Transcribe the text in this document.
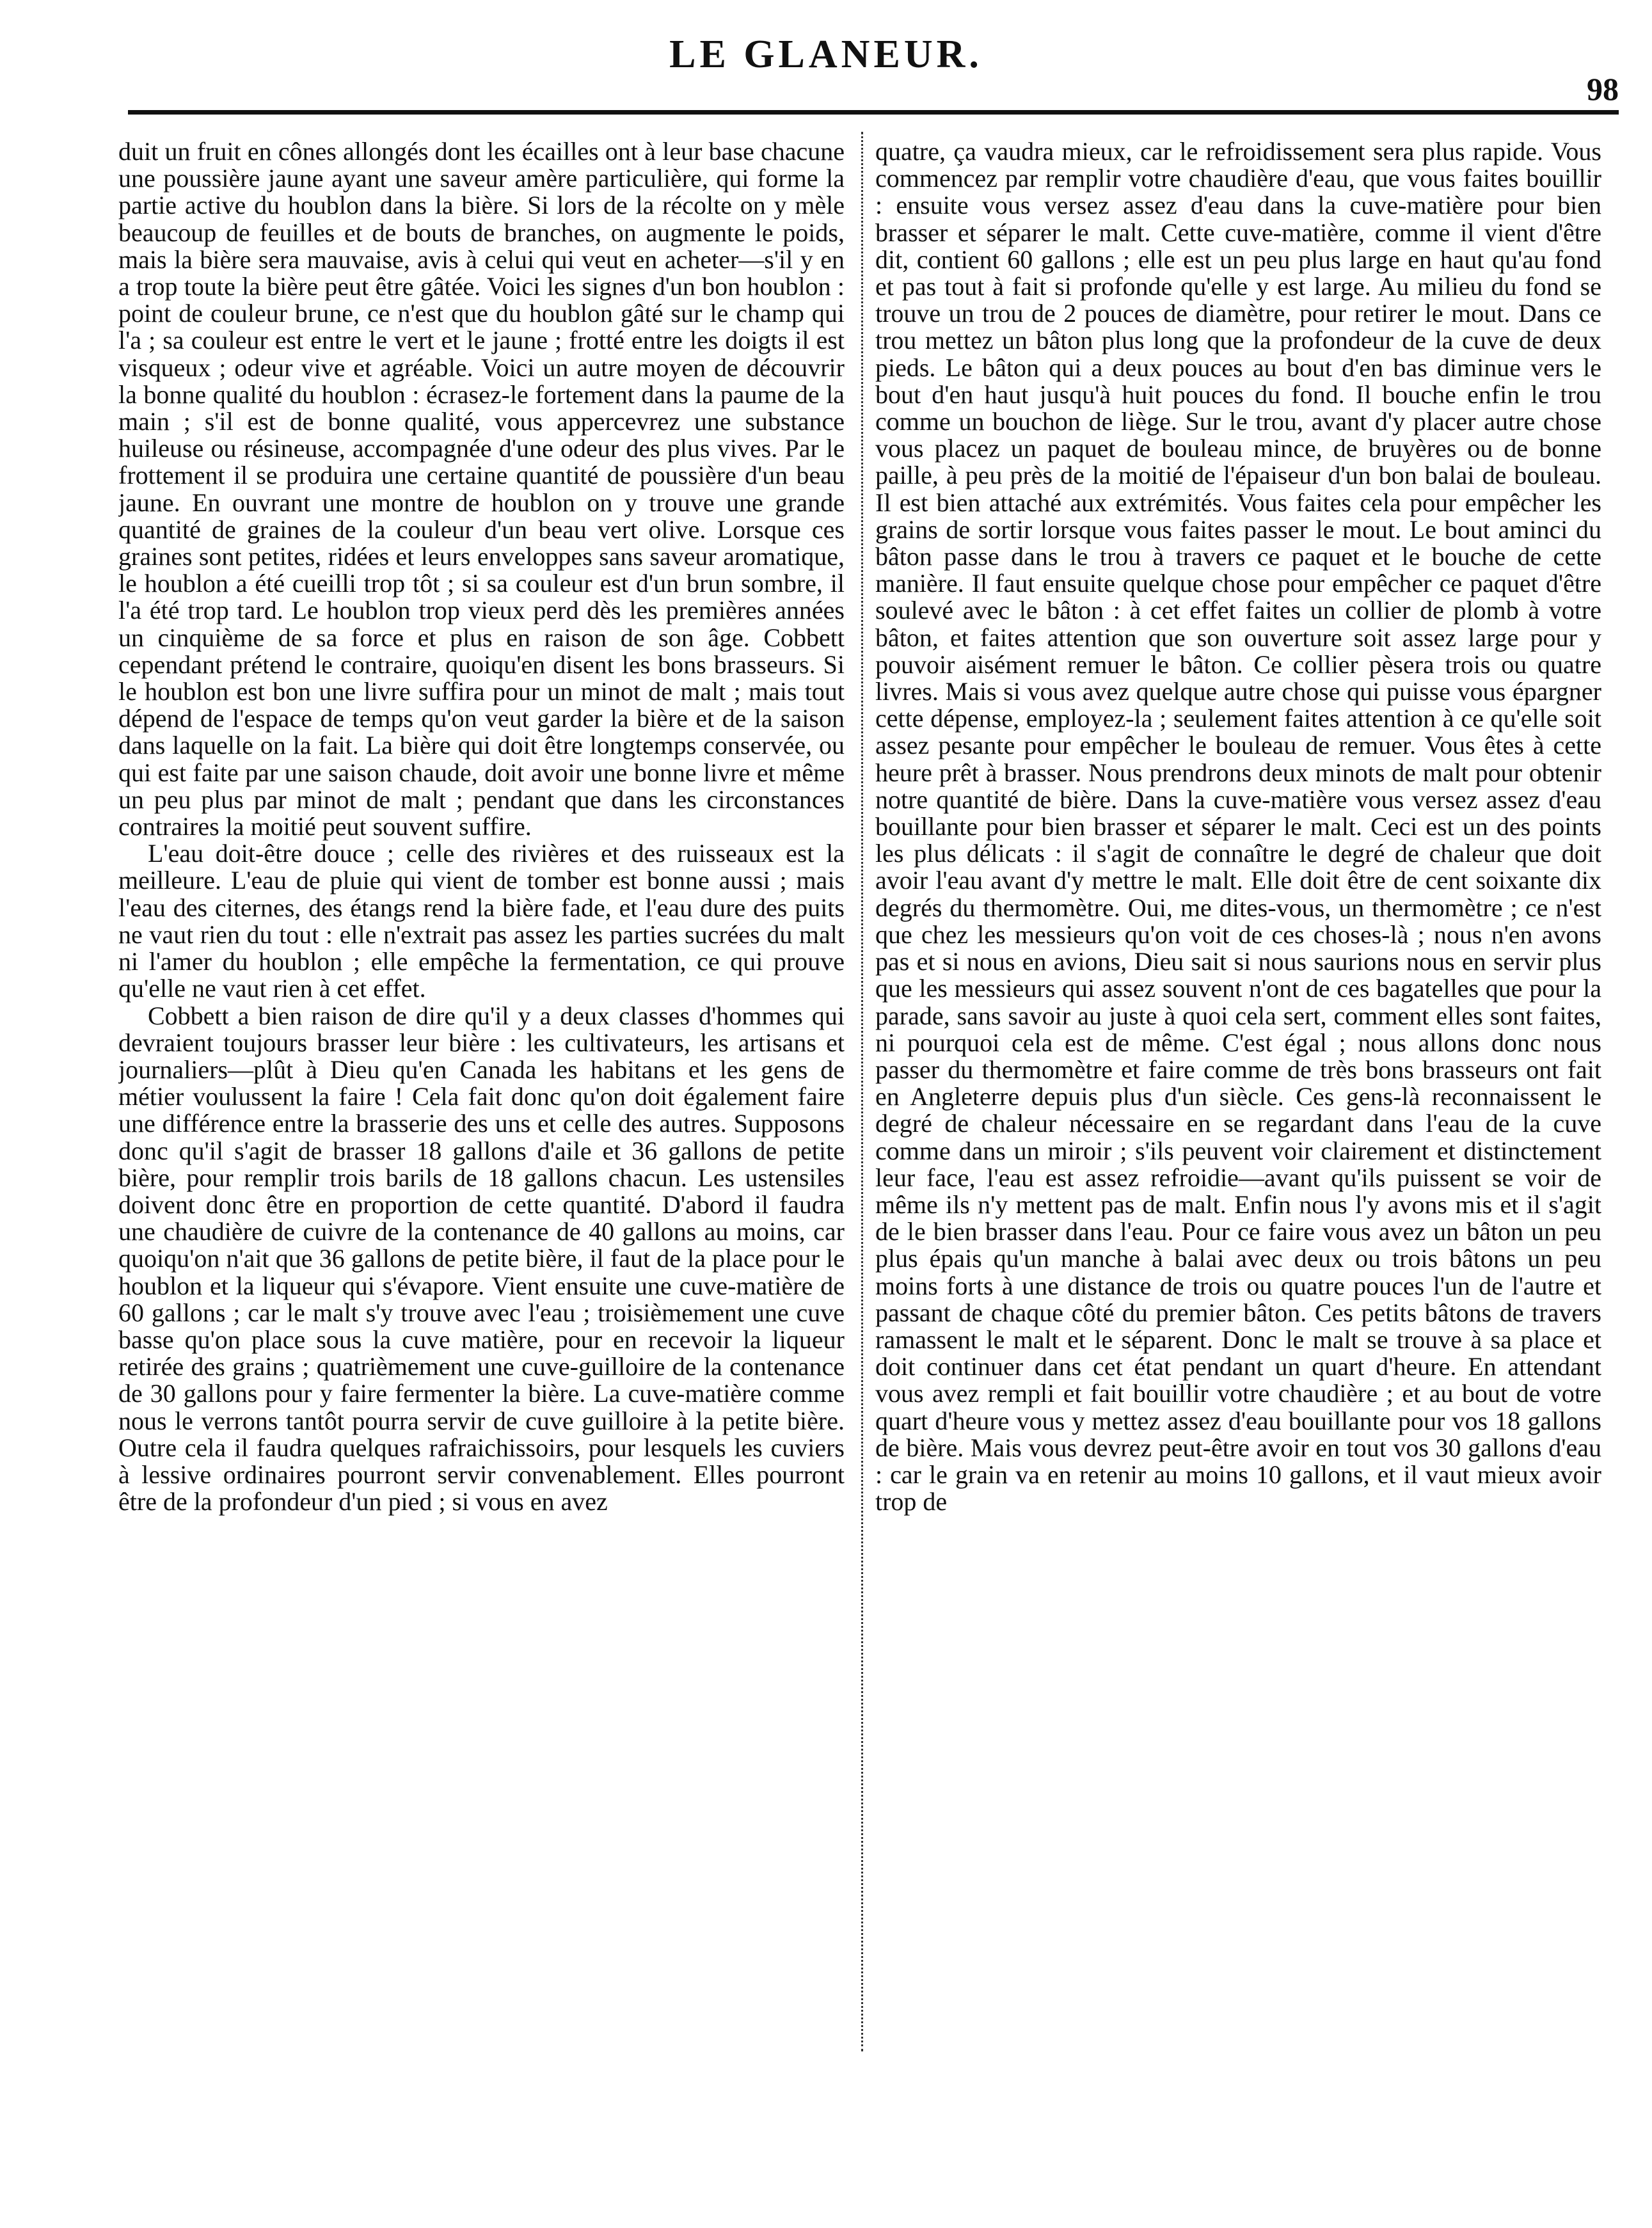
LE GLANEUR.
98

duit un fruit en cônes allongés dont les écailles ont à leur base chacune une poussière jaune ayant une saveur amère particulière, qui forme la partie active du houblon dans la bière. Si lors de la récolte on y mèle beaucoup de feuilles et de bouts de branches, on augmente le poids, mais la bière sera mauvaise, avis à celui qui veut en acheter—s'il y en a trop toute la bière peut être gâtée. Voici les signes d'un bon houblon : point de couleur brune, ce n'est que du houblon gâté sur le champ qui l'a ; sa couleur est entre le vert et le jaune ; frotté entre les doigts il est visqueux ; odeur vive et agréable. Voici un autre moyen de découvrir la bonne qualité du houblon : écrasez-le fortement dans la paume de la main ; s'il est de bonne qualité, vous appercevrez une substance huileuse ou résineuse, accompagnée d'une odeur des plus vives. Par le frottement il se produira une certaine quantité de poussière d'un beau jaune. En ouvrant une montre de houblon on y trouve une grande quantité de graines de la couleur d'un beau vert olive. Lorsque ces graines sont petites, ridées et leurs enveloppes sans saveur aromatique, le houblon a été cueilli trop tôt ; si sa couleur est d'un brun sombre, il l'a été trop tard. Le houblon trop vieux perd dès les premières années un cinquième de sa force et plus en raison de son âge. Cobbett cependant prétend le contraire, quoiqu'en disent les bons brasseurs. Si le houblon est bon une livre suffira pour un minot de malt ; mais tout dépend de l'espace de temps qu'on veut garder la bière et de la saison dans laquelle on la fait. La bière qui doit être longtemps conservée, ou qui est faite par une saison chaude, doit avoir une bonne livre et même un peu plus par minot de malt ; pendant que dans les circonstances contraires la moitié peut souvent suffire.

L'eau doit-être douce ; celle des rivières et des ruisseaux est la meilleure. L'eau de pluie qui vient de tomber est bonne aussi ; mais l'eau des citernes, des étangs rend la bière fade, et l'eau dure des puits ne vaut rien du tout : elle n'extrait pas assez les parties sucrées du malt ni l'amer du houblon ; elle empêche la fermentation, ce qui prouve qu'elle ne vaut rien à cet effet.

Cobbett a bien raison de dire qu'il y a deux classes d'hommes qui devraient toujours brasser leur bière : les cultivateurs, les artisans et journaliers—plût à Dieu qu'en Canada les habitans et les gens de métier voulussent la faire ! Cela fait donc qu'on doit également faire une différence entre la brasserie des uns et celle des autres. Supposons donc qu'il s'agit de brasser 18 gallons d'aile et 36 gallons de petite bière, pour remplir trois barils de 18 gallons chacun. Les ustensiles doivent donc être en proportion de cette quantité. D'abord il faudra une chaudière de cuivre de la contenance de 40 gallons au moins, car quoiqu'on n'ait que 36 gallons de petite bière, il faut de la place pour le houblon et la liqueur qui s'évapore. Vient ensuite une cuve-matière de 60 gallons ; car le malt s'y trouve avec l'eau ; troisièmement une cuve basse qu'on place sous la cuve matière, pour en recevoir la liqueur retirée des grains ; quatrièmement une cuve-guilloire de la contenance de 30 gallons pour y faire fermenter la bière. La cuve-matière comme nous le verrons tantôt pourra servir de cuve guilloire à la petite bière. Outre cela il faudra quelques rafraichissoirs, pour lesquels les cuviers à lessive ordinaires pourront servir convenablement. Elles pourront être de la profondeur d'un pied ; si vous en avez

quatre, ça vaudra mieux, car le refroidissement sera plus rapide. Vous commencez par remplir votre chaudière d'eau, que vous faites bouillir : ensuite vous versez assez d'eau dans la cuve-matière pour bien brasser et séparer le malt. Cette cuve-matière, comme il vient d'être dit, contient 60 gallons ; elle est un peu plus large en haut qu'au fond et pas tout à fait si profonde qu'elle y est large. Au milieu du fond se trouve un trou de 2 pouces de diamètre, pour retirer le mout. Dans ce trou mettez un bâton plus long que la profondeur de la cuve de deux pieds. Le bâton qui a deux pouces au bout d'en bas diminue vers le bout d'en haut jusqu'à huit pouces du fond. Il bouche enfin le trou comme un bouchon de liège. Sur le trou, avant d'y placer autre chose vous placez un paquet de bouleau mince, de bruyères ou de bonne paille, à peu près de la moitié de l'épaiseur d'un bon balai de bouleau. Il est bien attaché aux extrémités. Vous faites cela pour empêcher les grains de sortir lorsque vous faites passer le mout. Le bout aminci du bâton passe dans le trou à travers ce paquet et le bouche de cette manière. Il faut ensuite quelque chose pour empêcher ce paquet d'être soulevé avec le bâton : à cet effet faites un collier de plomb à votre bâton, et faites attention que son ouverture soit assez large pour y pouvoir aisément remuer le bâton. Ce collier pèsera trois ou quatre livres. Mais si vous avez quelque autre chose qui puisse vous épargner cette dépense, employez-la ; seulement faites attention à ce qu'elle soit assez pesante pour empêcher le bouleau de remuer. Vous êtes à cette heure prêt à brasser. Nous prendrons deux minots de malt pour obtenir notre quantité de bière. Dans la cuve-matière vous versez assez d'eau bouillante pour bien brasser et séparer le malt. Ceci est un des points les plus délicats : il s'agit de connaître le degré de chaleur que doit avoir l'eau avant d'y mettre le malt. Elle doit être de cent soixante dix degrés du thermomètre. Oui, me dites-vous, un thermomètre ; ce n'est que chez les messieurs qu'on voit de ces choses-là ; nous n'en avons pas et si nous en avions, Dieu sait si nous saurions nous en servir plus que les messieurs qui assez souvent n'ont de ces bagatelles que pour la parade, sans savoir au juste à quoi cela sert, comment elles sont faites, ni pourquoi cela est de même. C'est égal ; nous allons donc nous passer du thermomètre et faire comme de très bons brasseurs ont fait en Angleterre depuis plus d'un siècle. Ces gens-là reconnaissent le degré de chaleur nécessaire en se regardant dans l'eau de la cuve comme dans un miroir ; s'ils peuvent voir clairement et distinctement leur face, l'eau est assez refroidie—avant qu'ils puissent se voir de même ils n'y mettent pas de malt. Enfin nous l'y avons mis et il s'agit de le bien brasser dans l'eau. Pour ce faire vous avez un bâton un peu plus épais qu'un manche à balai avec deux ou trois bâtons un peu moins forts à une distance de trois ou quatre pouces l'un de l'autre et passant de chaque côté du premier bâton. Ces petits bâtons de travers ramassent le malt et le séparent. Donc le malt se trouve à sa place et doit continuer dans cet état pendant un quart d'heure. En attendant vous avez rempli et fait bouillir votre chaudière ; et au bout de votre quart d'heure vous y mettez assez d'eau bouillante pour vos 18 gallons de bière. Mais vous devrez peut-être avoir en tout vos 30 gallons d'eau : car le grain va en retenir au moins 10 gallons, et il vaut mieux avoir trop de
